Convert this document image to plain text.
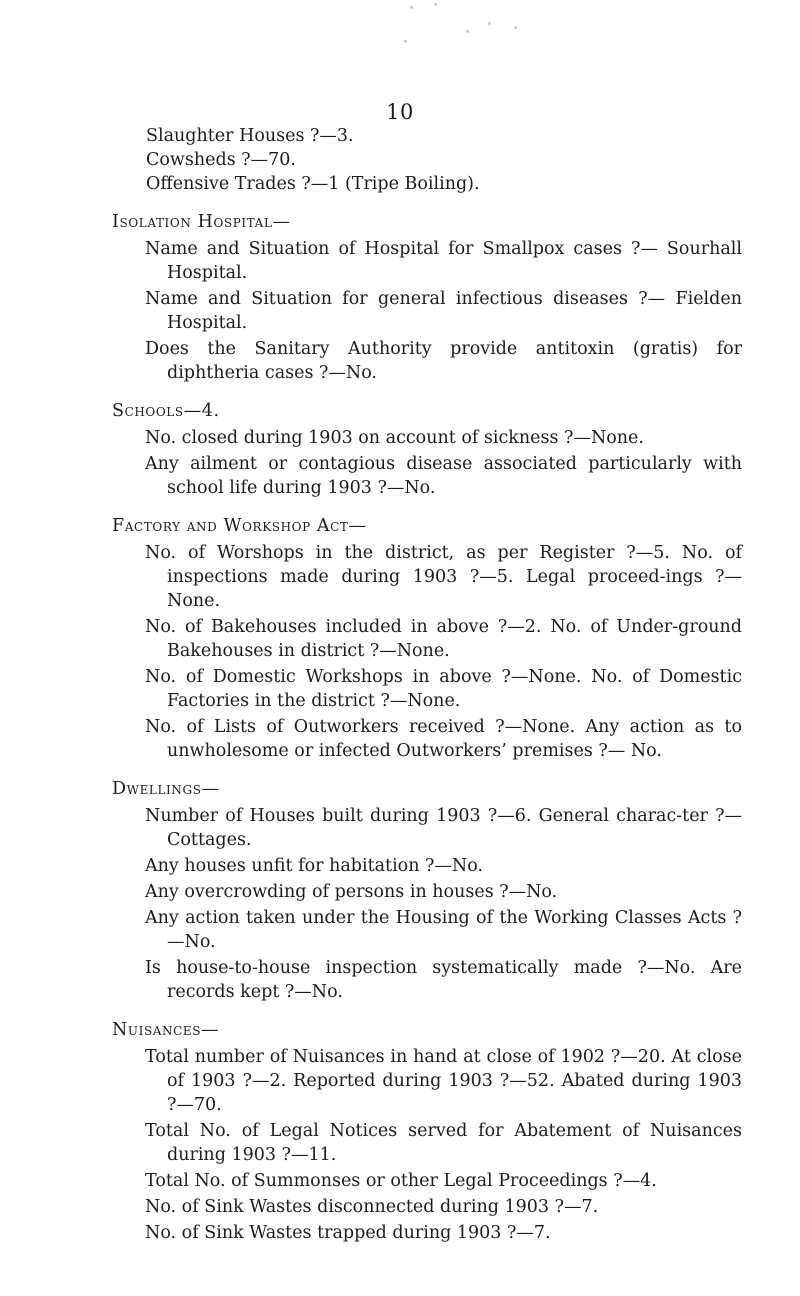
10
Slaughter Houses ?—3.
Cowsheds ?—70.
Offensive Trades ?—1 (Tripe Boiling).
Isolation Hospital—
Name and Situation of Hospital for Smallpox cases ?— Sourhall Hospital.
Name and Situation for general infectious diseases ?— Fielden Hospital.
Does the Sanitary Authority provide antitoxin (gratis) for diphtheria cases ?—No.
Schools—4.
No. closed during 1903 on account of sickness ?—None.
Any ailment or contagious disease associated particularly with school life during 1903 ?—No.
Factory and Workshop Act—
No. of Worshops in the district, as per Register ?—5. No. of inspections made during 1903 ?—5. Legal proceed-ings ?—None.
No. of Bakehouses included in above ?—2. No. of Under-ground Bakehouses in district ?—None.
No. of Domestic Workshops in above ?—None. No. of Domestic Factories in the district ?—None.
No. of Lists of Outworkers received ?—None. Any action as to unwholesome or infected Outworkers’ premises ?— No.
Dwellings—
Number of Houses built during 1903 ?—6. General charac-ter ?—Cottages.
Any houses unfit for habitation ?—No.
Any overcrowding of persons in houses ?—No.
Any action taken under the Housing of the Working Classes Acts ?—No.
Is house-to-house inspection systematically made ?—No. Are records kept ?—No.
Nuisances—
Total number of Nuisances in hand at close of 1902 ?—20. At close of 1903 ?—2. Reported during 1903 ?—52. Abated during 1903 ?—70.
Total No. of Legal Notices served for Abatement of Nuisances during 1903 ?—11.
Total No. of Summonses or other Legal Proceedings ?—4.
No. of Sink Wastes disconnected during 1903 ?—7.
No. of Sink Wastes trapped during 1903 ?—7.
